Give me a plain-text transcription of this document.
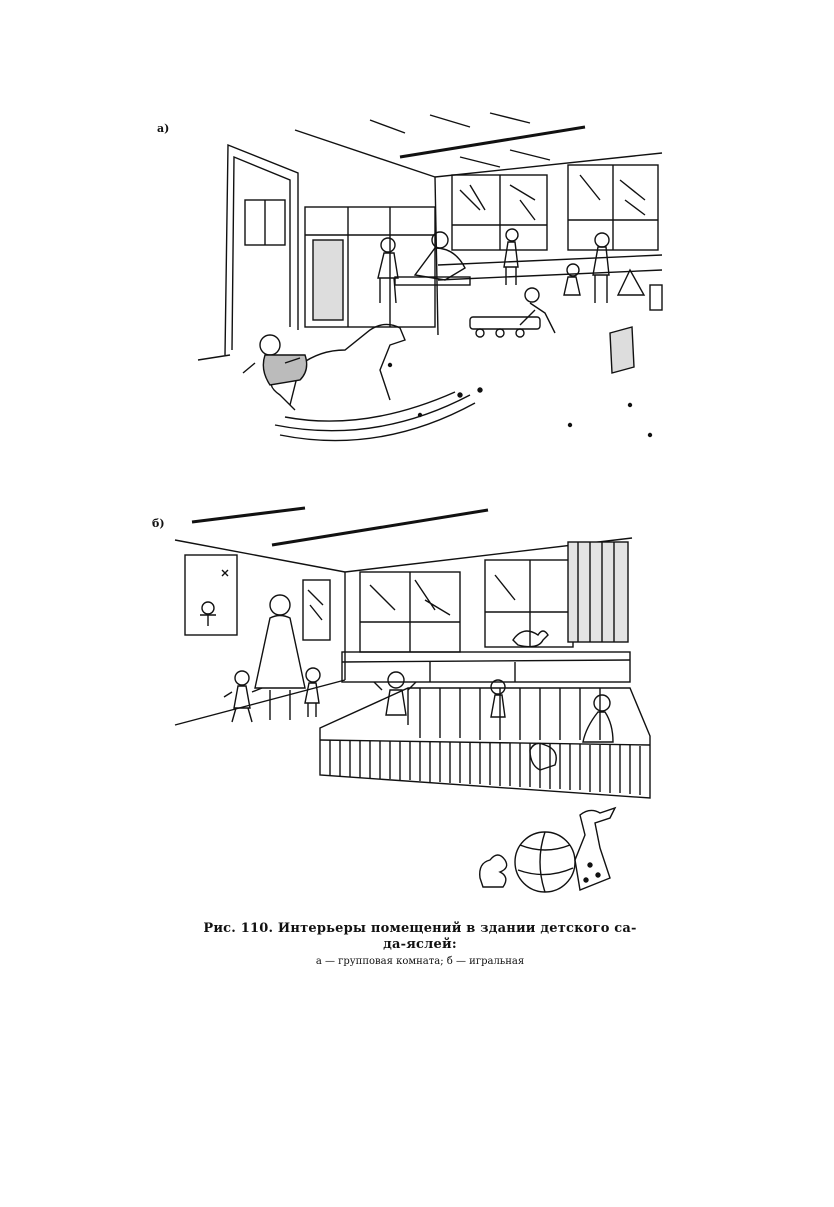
а)
б)
Рис. 110. Интерьеры помещений в здании детского са-
да-яслей:
а — групповая комната; б — игральная
